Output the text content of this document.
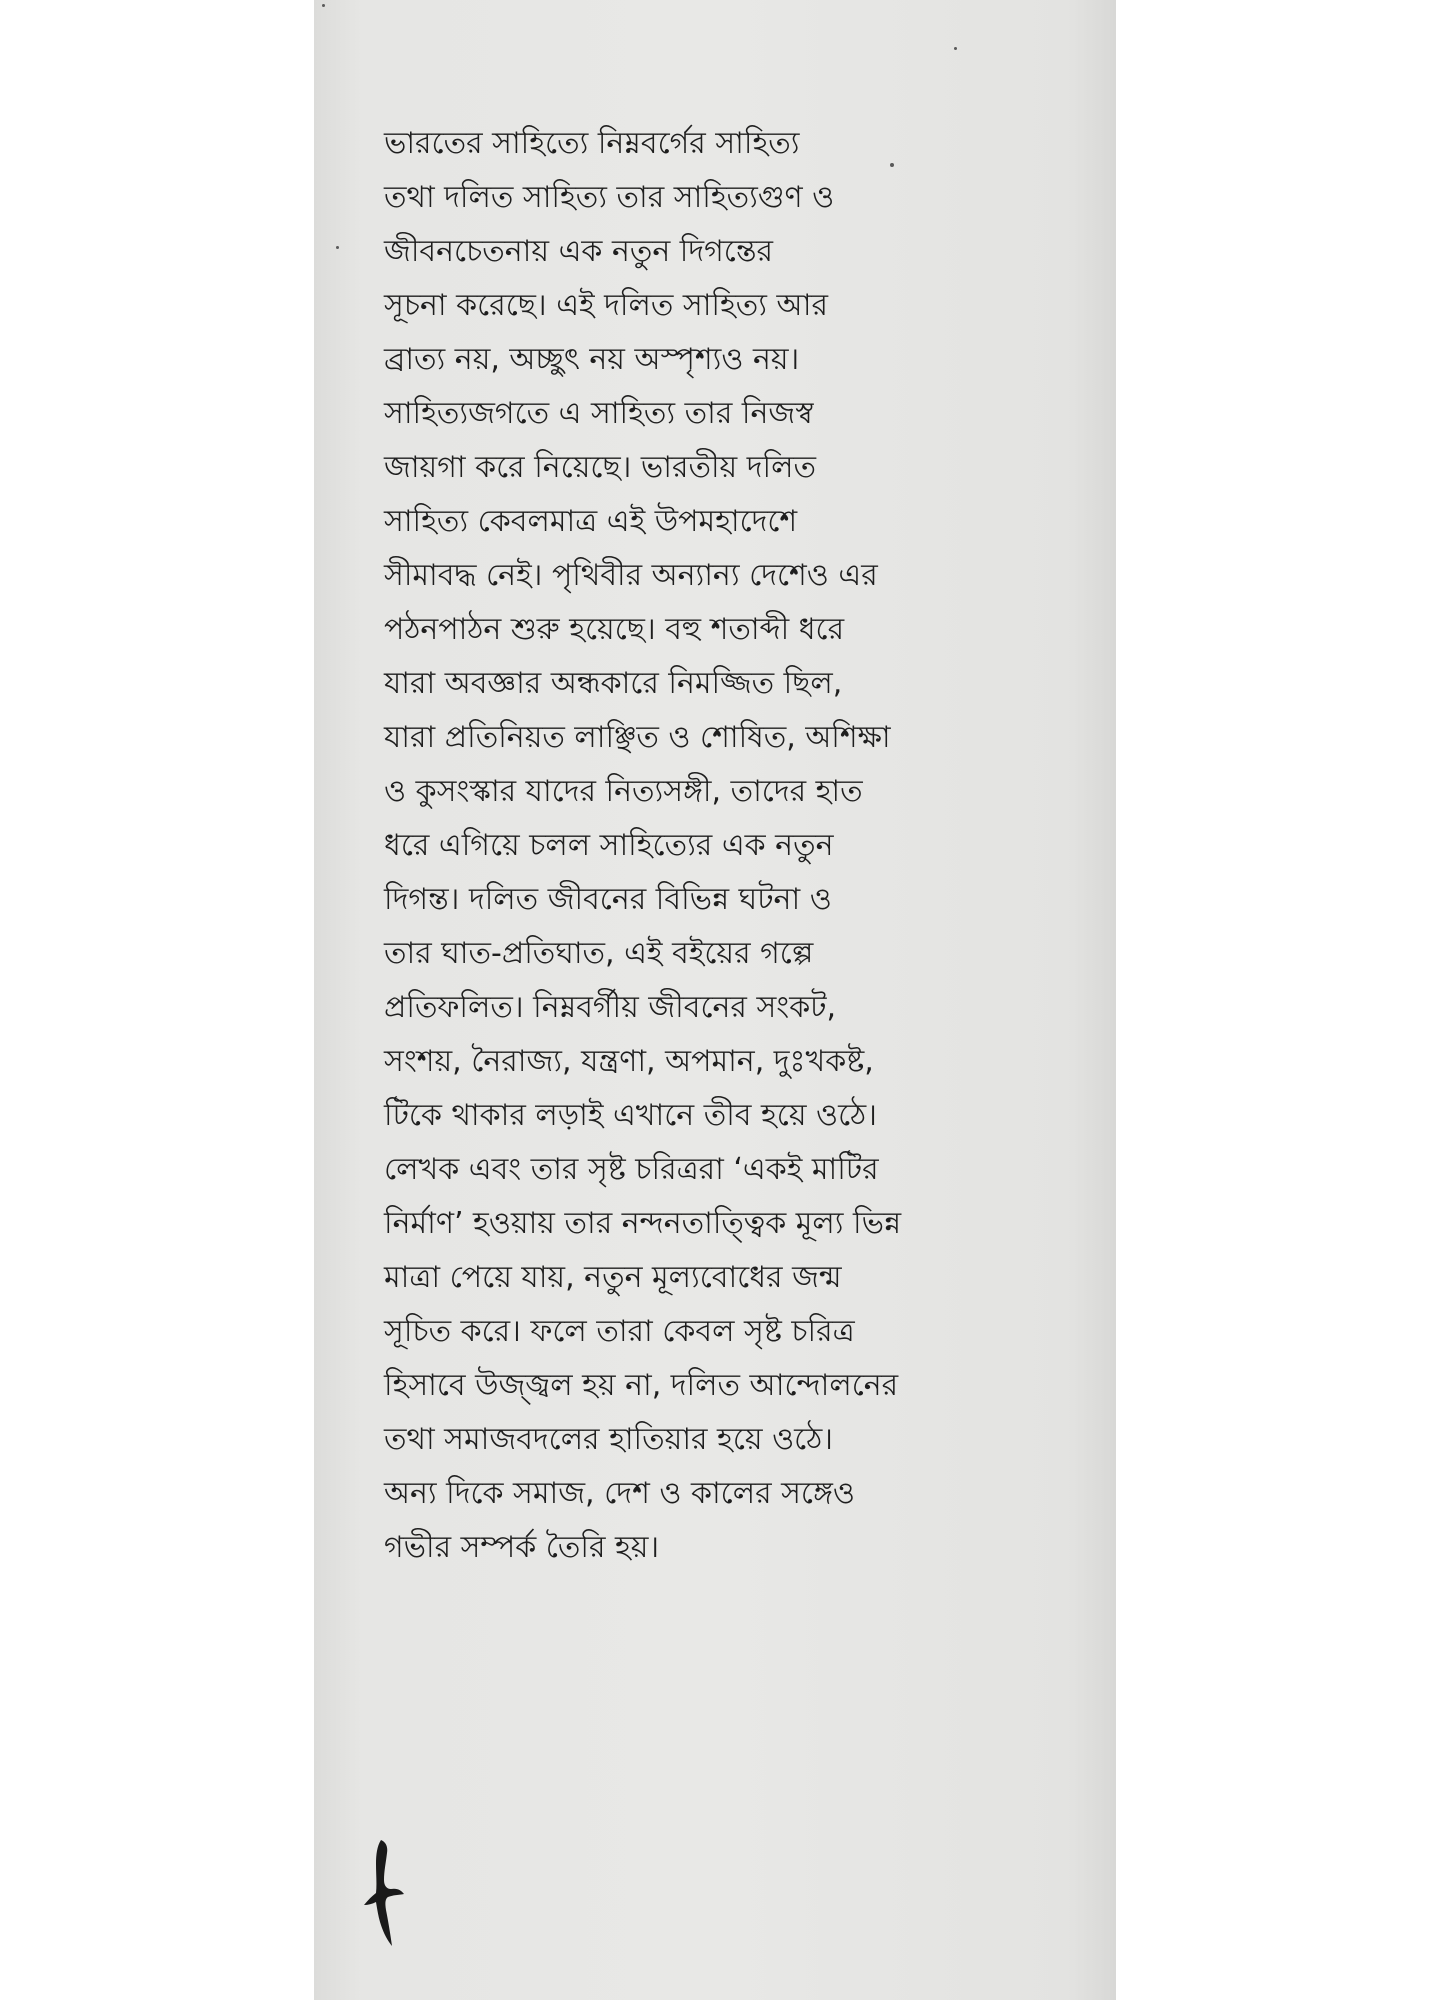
ভারতের সাহিত্যে নিম্নবর্গের সাহিত্য
তথা দলিত সাহিত্য তার সাহিত্যগুণ ও
জীবনচেতনায় এক নতুন দিগন্তের
সূচনা করেছে। এই দলিত সাহিত্য আর
ব্রাত্য নয়, অচ্ছুৎ নয় অস্পৃশ্যও নয়।
সাহিত্যজগতে এ সাহিত্য তার নিজস্ব
জায়গা করে নিয়েছে। ভারতীয় দলিত
সাহিত্য কেবলমাত্র এই উপমহাদেশে
সীমাবদ্ধ নেই। পৃথিবীর অন্যান্য দেশেও এর
পঠনপাঠন শুরু হয়েছে। বহু শতাব্দী ধরে
যারা অবজ্ঞার অন্ধকারে নিমজ্জিত ছিল,
যারা প্রতিনিয়ত লাঞ্ছিত ও শোষিত, অশিক্ষা
ও কুসংস্কার যাদের নিত্যসঙ্গী, তাদের হাত
ধরে এগিয়ে চলল সাহিত্যের এক নতুন
দিগন্ত। দলিত জীবনের বিভিন্ন ঘটনা ও
তার ঘাত-প্রতিঘাত, এই বইয়ের গল্পে
প্রতিফলিত। নিম্নবর্গীয় জীবনের সংকট,
সংশয়, নৈরাজ্য, যন্ত্রণা, অপমান, দুঃখকষ্ট,
টিকে থাকার লড়াই এখানে তীব হয়ে ওঠে।
লেখক এবং তার সৃষ্ট চরিত্ররা ‘একই মাটির
নির্মাণ’ হওয়ায় তার নন্দনতাত্ত্বিক মূল্য ভিন্ন
মাত্রা পেয়ে যায়, নতুন মূল্যবোধের জন্ম
সূচিত করে। ফলে তারা কেবল সৃষ্ট চরিত্র
হিসাবে উজ্জ্বল হয় না, দলিত আন্দোলনের
তথা সমাজবদলের হাতিয়ার হয়ে ওঠে।
অন্য দিকে সমাজ, দেশ ও কালের সঙ্গেও
গভীর সম্পর্ক তৈরি হয়।
